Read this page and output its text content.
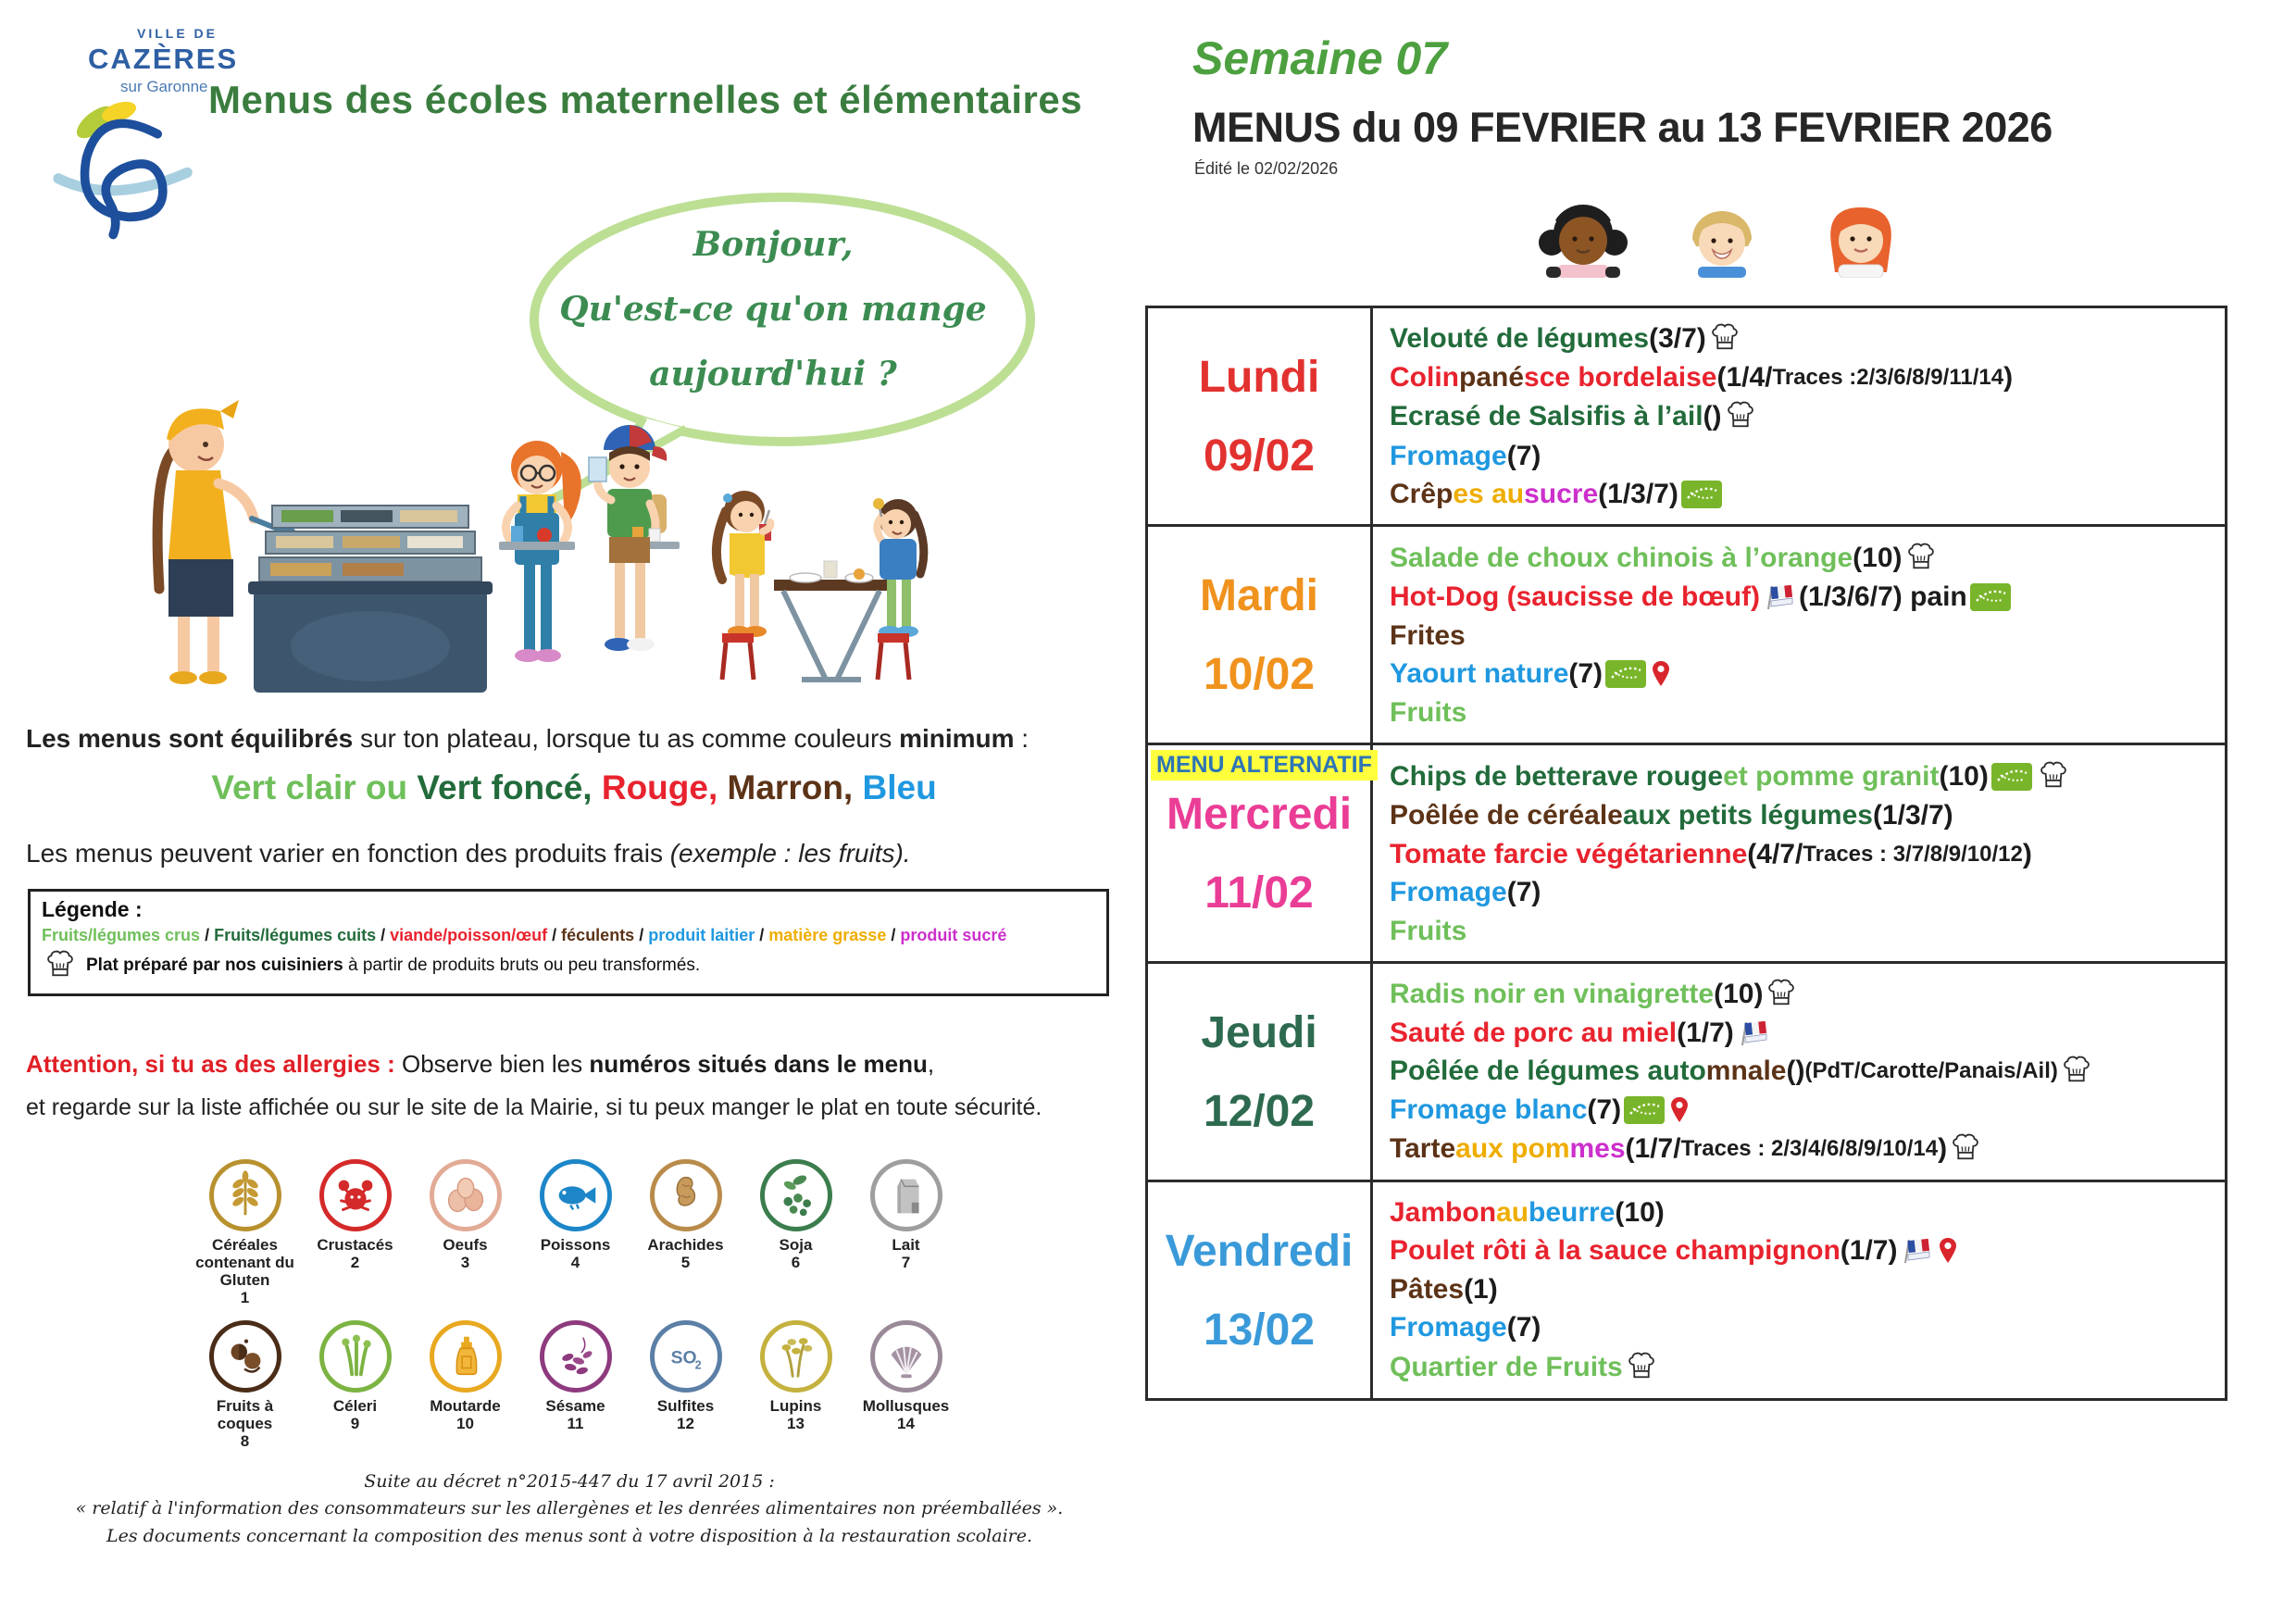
VILLE DE
CAZÈRES
sur Garonne Menus des écoles maternelles et élémentaires
Semaine 07
MENUS du 09 FEVRIER au 13 FEVRIER 2026
Édité le 02/02/2026
Bonjour,
Qu'est-ce qu'on mange
aujourd'hui ?
Les menus sont équilibrés sur ton plateau, lorsque tu as comme couleurs minimum :
Vert clair ou Vert foncé, Rouge, Marron, Bleu
Les menus peuvent varier en fonction des produits frais (exemple : les fruits).
Légende :
Fruits/légumes crus / Fruits/légumes cuits / viande/poisson/œuf / féculents / produit laitier / matière grasse / produit sucré
Plat préparé par nos cuisiniers à partir de produits bruts ou peu transformés.
Attention, si tu as des allergies : Observe bien les numéros situés dans le menu,
et regarde sur la liste affichée ou sur le site de la Mairie, si tu peux manger le plat en toute sécurité.
Céréales contenant du Gluten
1
Crustacés
2
Oeufs
3
Poissons
4
Arachides
5
Soja
6
Lait
7
Fruits à coques
8
Céleri
9
Moutarde
10
Sésame
11
SO
2
Sulfites
12
Lupins
13
Mollusques
14
Suite au décret n°2015-447 du 17 avril 2015 :
« relatif à l'information des consommateurs sur les allergènes et les denrées alimentaires non préemballées ».
Les documents concernant la composition des menus sont à votre disposition à la restauration scolaire.
Lundi
09/02
Velouté de légumes (3/7)
Colin pané sce bordelaise (1/4/ Traces :2/3/6/8/9/11/14 )
Ecrasé de Salsifis à l’ail ()
Fromage (7)
Crêp es au sucre (1/3/7)
Mardi
10/02
Salade de choux chinois à l’orange (10)
Hot-Dog (saucisse de bœuf) (1/3/6/7) pain
Frites
Yaourt nature (7)
Fruits
MENU ALTERNATIF
Mercredi
11/02
Chips de betterave rouge et pomme granit (10)
Poêlée de céréale aux petits légumes (1/3/7)
Tomate farcie végétarienne (4/7/ Traces : 3/7/8/9/10/12 )
Fromage (7)
Fruits
Jeudi
12/02
Radis noir en vinaigrette (10)
Sauté de porc au miel (1/7)
Poêlée de légumes auto mnale () (PdT/Carotte/Panais/Ail)
Fromage blanc (7)
Tarte aux pom mes (1/7/ Traces : 2/3/4/6/8/9/10/14 )
Vendredi
13/02
Jambon au beurre (10)
Poulet rôti à la sauce champignon (1/7)
Pâtes (1)
Fromage (7)
Quartier de Fruits
